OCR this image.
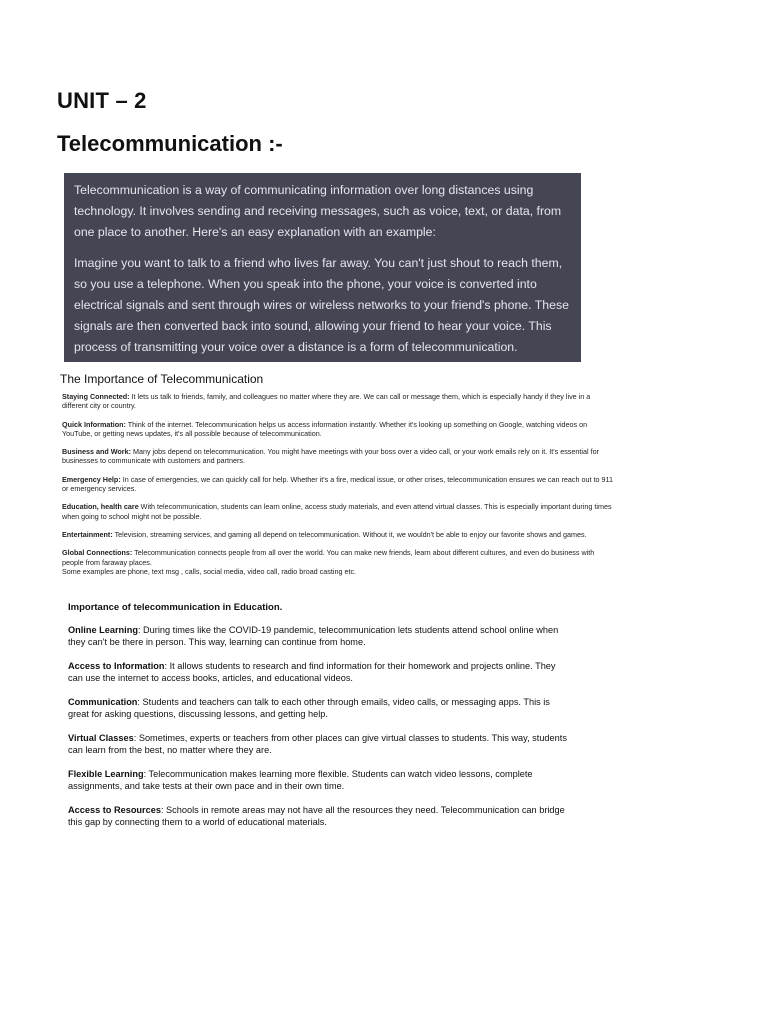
UNIT – 2
Telecommunication :-

Telecommunication is a way of communicating information over long distances using technology. It involves sending and receiving messages, such as voice, text, or data, from one place to another. Here's an easy explanation with an example:

Imagine you want to talk to a friend who lives far away. You can't just shout to reach them, so you use a telephone. When you speak into the phone, your voice is converted into electrical signals and sent through wires or wireless networks to your friend's phone. These signals are then converted back into sound, allowing your friend to hear your voice. This process of transmitting your voice over a distance is a form of telecommunication.

The Importance of Telecommunication
Staying Connected: It lets us talk to friends, family, and colleagues no matter where they are. We can call or message them, which is especially handy if they live in a different city or country.
Quick Information: Think of the internet. Telecommunication helps us access information instantly. Whether it's looking up something on Google, watching videos on YouTube, or getting news updates, it's all possible because of telecommunication.
Business and Work: Many jobs depend on telecommunication. You might have meetings with your boss over a video call, or your work emails rely on it. It's essential for businesses to communicate with customers and partners.
Emergency Help: In case of emergencies, we can quickly call for help. Whether it's a fire, medical issue, or other crises, telecommunication ensures we can reach out to 911 or emergency services.
Education, health care With telecommunication, students can learn online, access study materials, and even attend virtual classes. This is especially important during times when going to school might not be possible.
Entertainment: Television, streaming services, and gaming all depend on telecommunication. Without it, we wouldn't be able to enjoy our favorite shows and games.
Global Connections: Telecommunication connects people from all over the world. You can make new friends, learn about different cultures, and even do business with people from faraway places.
Some examples are phone, text msg , calls, social media, video call, radio broad casting etc.
Importance of telecommunication in Education.
Online Learning: During times like the COVID-19 pandemic, telecommunication lets students attend school online when they can't be there in person. This way, learning can continue from home.
Access to Information: It allows students to research and find information for their homework and projects online. They can use the internet to access books, articles, and educational videos.
Communication: Students and teachers can talk to each other through emails, video calls, or messaging apps. This is great for asking questions, discussing lessons, and getting help.
Virtual Classes: Sometimes, experts or teachers from other places can give virtual classes to students. This way, students can learn from the best, no matter where they are.
Flexible Learning: Telecommunication makes learning more flexible. Students can watch video lessons, complete assignments, and take tests at their own pace and in their own time.
Access to Resources: Schools in remote areas may not have all the resources they need. Telecommunication can bridge this gap by connecting them to a world of educational materials.
